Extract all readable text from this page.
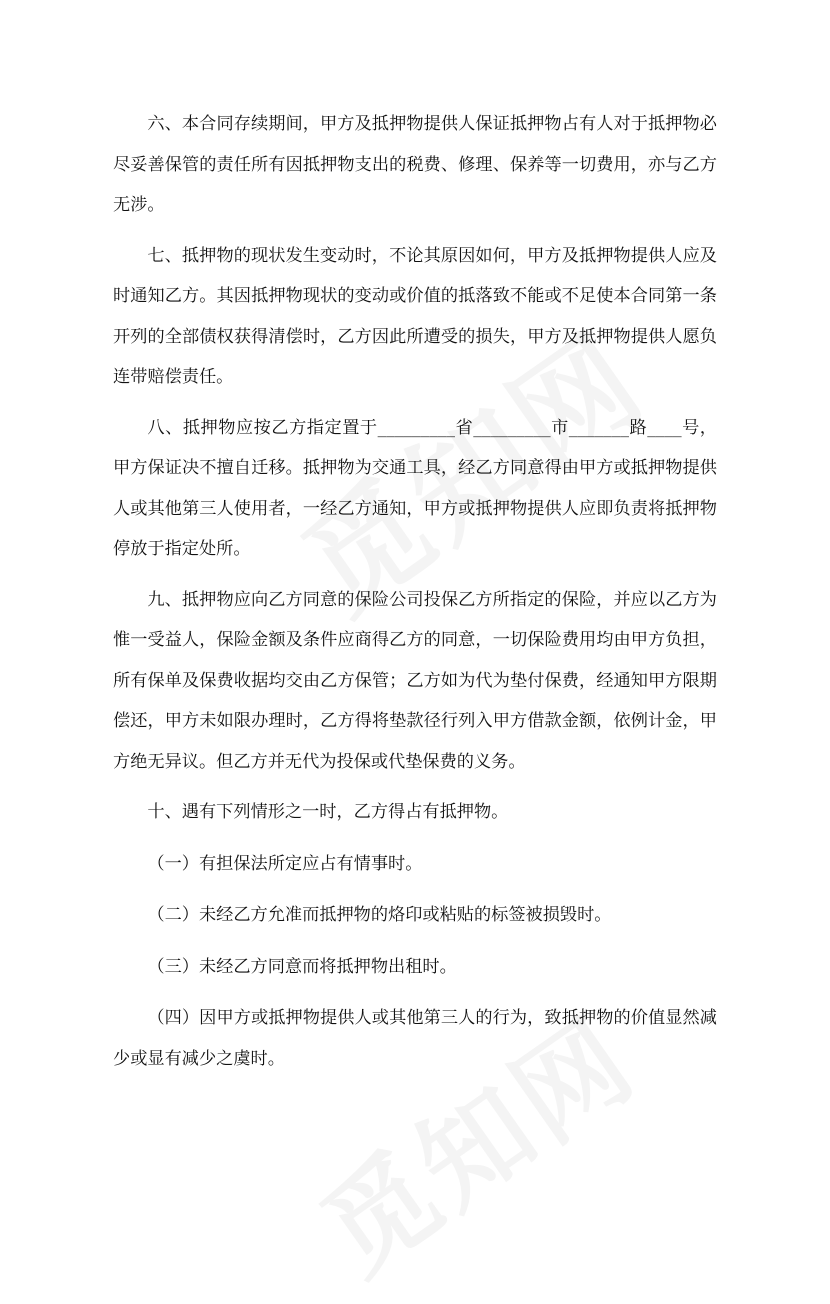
六、本合同存续期间，甲方及抵押物提供人保证抵押物占有人对于抵押物必尽妥善保管的责任所有因抵押物支出的税费、修理、保养等一切费用，亦与乙方无涉。

七、抵押物的现状发生变动时，不论其原因如何，甲方及抵押物提供人应及时通知乙方。其因抵押物现状的变动或价值的抵落致不能或不足使本合同第一条开列的全部债权获得清偿时，乙方因此所遭受的损失，甲方及抵押物提供人愿负连带赔偿责任。

八、抵押物应按乙方指定置于_________省_________市_______路____号，甲方保证决不擅自迁移。抵押物为交通工具，经乙方同意得由甲方或抵押物提供人或其他第三人使用者，一经乙方通知，甲方或抵押物提供人应即负责将抵押物停放于指定处所。

九、抵押物应向乙方同意的保险公司投保乙方所指定的保险，并应以乙方为惟一受益人，保险金额及条件应商得乙方的同意，一切保险费用均由甲方负担，所有保单及保费收据均交由乙方保管；乙方如为代为垫付保费，经通知甲方限期偿还，甲方未如限办理时，乙方得将垫款径行列入甲方借款金额，依例计金，甲方绝无异议。但乙方并无代为投保或代垫保费的义务。

十、遇有下列情形之一时，乙方得占有抵押物。

（一）有担保法所定应占有情事时。

（二）未经乙方允准而抵押物的烙印或粘贴的标签被损毁时。

（三）未经乙方同意而将抵押物出租时。

（四）因甲方或抵押物提供人或其他第三人的行为，致抵押物的价值显然减少或显有减少之虞时。
